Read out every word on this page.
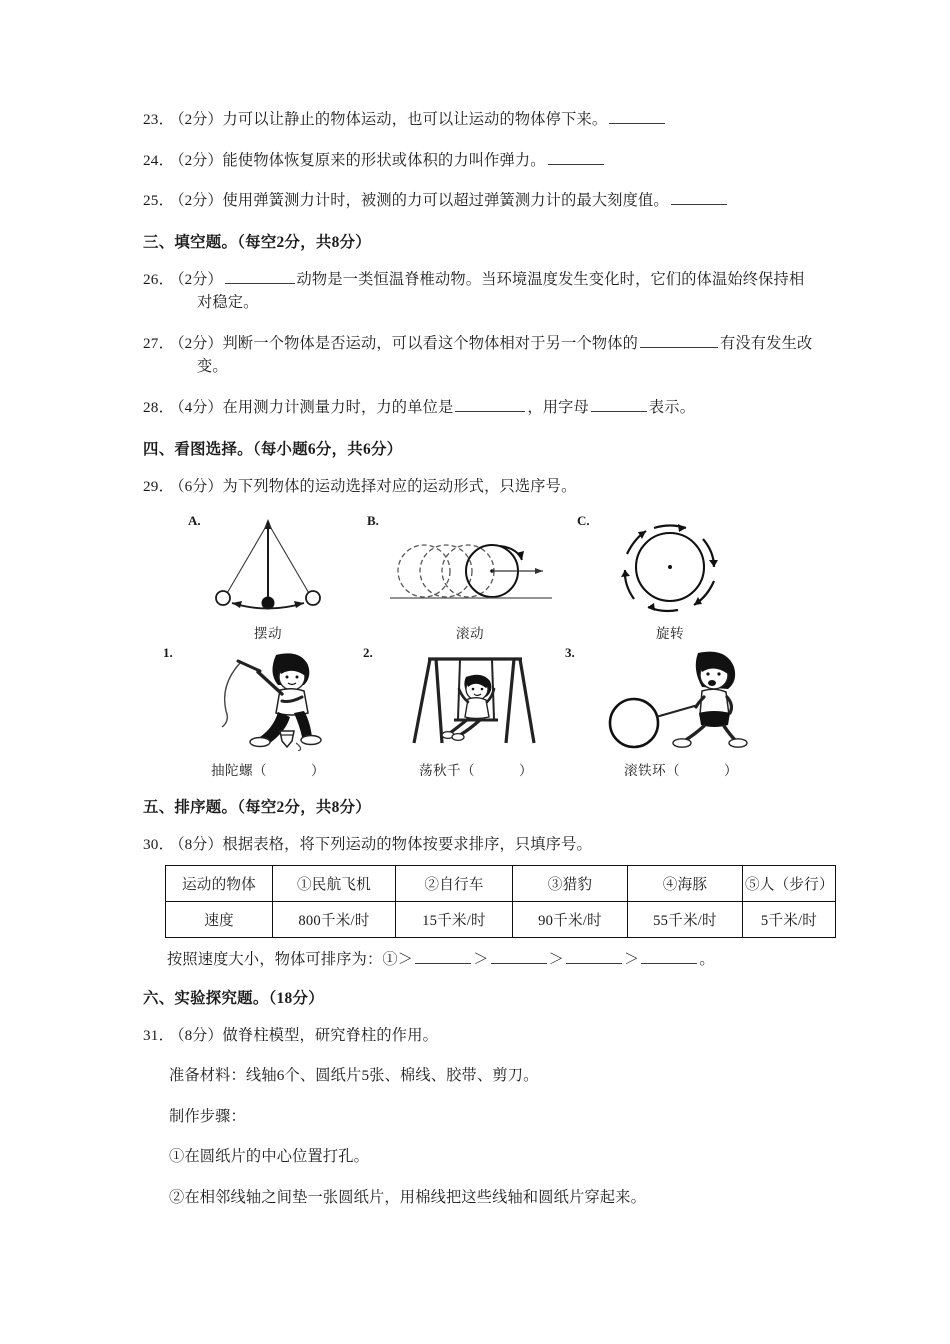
23． （2分）力可以让静止的物体运动，也可以让运动的物体停下来。

24． （2分）能使物体恢复原来的形状或体积的力叫作弹力。

25． （2分）使用弹簧测力计时，被测的力可以超过弹簧测力计的最大刻度值。

三、填空题。（每空2分，共8分）

26． （2分）	动物是一类恒温脊椎动物。当环境温度发生变化时，它们的体温始终保持相对稳定。

27． （2分）判断一个物体是否运动，可以看这个物体相对于另一个物体的	有没有发生改变。

28． （4分）在用测力计测量力时，力的单位是	，用字母	表示。

四、看图选择。（每小题6分，共6分）

29． （6分）为下列物体的运动选择对应的运动形式，只选序号。

A.
摆动
B.
滚动
C.
旋转
1.
抽陀螺（	）
2.
荡秋千（	）
3.
滚铁环（	）

五、排序题。（每空2分，共8分）

30． （8分）根据表格，将下列运动的物体按要求排序，只填序号。

运动的物体	①民航飞机	②自行车	③猎豹	④海豚	⑤人（步行）
速度	800千米/时	15千米/时	90千米/时	55千米/时	5千米/时

按照速度大小，物体可排序为：①＞	＞	＞	＞	。

六、实验探究题。（18分）

31． （8分）做脊柱模型，研究脊柱的作用。

准备材料：线轴6个、圆纸片5张、棉线、胶带、剪刀。

制作步骤：

①在圆纸片的中心位置打孔。

②在相邻线轴之间垫一张圆纸片，用棉线把这些线轴和圆纸片穿起来。
